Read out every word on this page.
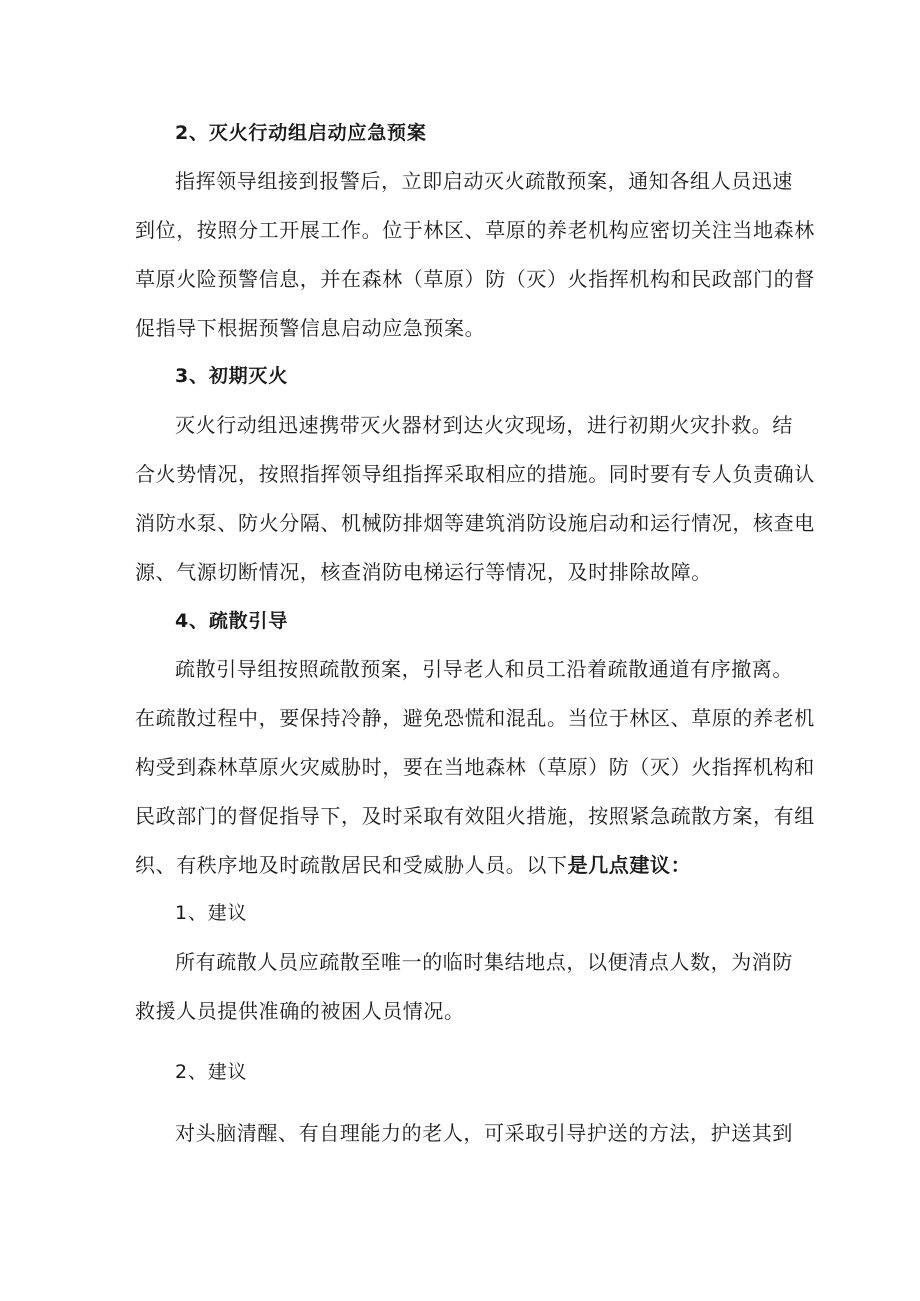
2、灭火行动组启动应急预案
指挥领导组接到报警后，立即启动灭火疏散预案，通知各组人员迅速
到位，按照分工开展工作。位于林区、草原的养老机构应密切关注当地森林
草原火险预警信息，并在森林（草原）防（灭）火指挥机构和民政部门的督
促指导下根据预警信息启动应急预案。
3、初期灭火
灭火行动组迅速携带灭火器材到达火灾现场，进行初期火灾扑救。结
合火势情况，按照指挥领导组指挥采取相应的措施。同时要有专人负责确认
消防水泵、防火分隔、机械防排烟等建筑消防设施启动和运行情况，核查电
源、气源切断情况，核查消防电梯运行等情况，及时排除故障。
4、疏散引导
疏散引导组按照疏散预案，引导老人和员工沿着疏散通道有序撤离。
在疏散过程中，要保持冷静，避免恐慌和混乱。当位于林区、草原的养老机
构受到森林草原火灾威胁时，要在当地森林（草原）防（灭）火指挥机构和
民政部门的督促指导下，及时采取有效阻火措施，按照紧急疏散方案，有组
织、有秩序地及时疏散居民和受威胁人员。以下是几点建议：
1、建议
所有疏散人员应疏散至唯一的临时集结地点，以便清点人数，为消防
救援人员提供准确的被困人员情况。
2、建议
对头脑清醒、有自理能力的老人，可采取引导护送的方法，护送其到
